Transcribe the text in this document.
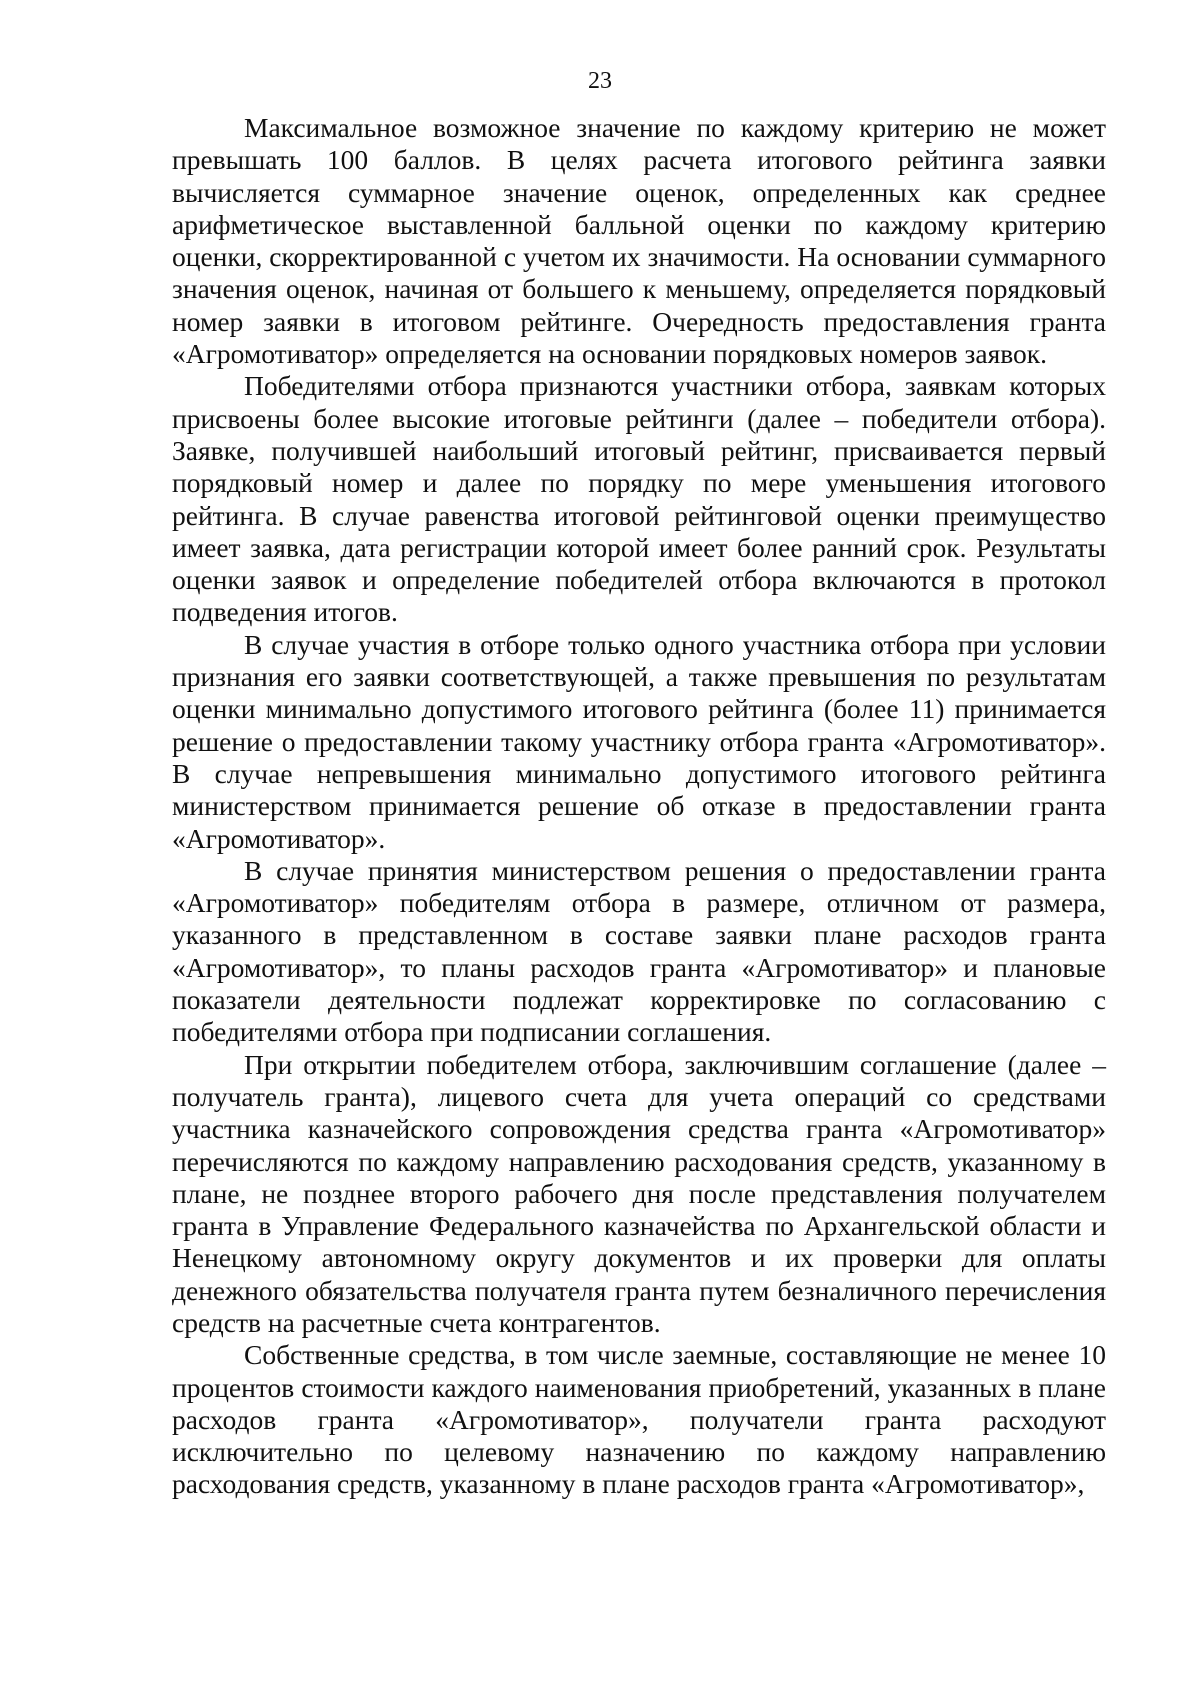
23

Максимальное возможное значение по каждому критерию не может превышать 100 баллов. В целях расчета итогового рейтинга заявки вычисляется суммарное значение оценок, определенных как среднее арифметическое выставленной балльной оценки по каждому критерию оценки, скорректированной с учетом их значимости. На основании суммарного значения оценок, начиная от большего к меньшему, определяется порядковый номер заявки в итоговом рейтинге. Очередность предоставления гранта «Агромотиватор» определяется на основании порядковых номеров заявок.

Победителями отбора признаются участники отбора, заявкам которых присвоены более высокие итоговые рейтинги (далее – победители отбора). Заявке, получившей наибольший итоговый рейтинг, присваивается первый порядковый номер и далее по порядку по мере уменьшения итогового рейтинга. В случае равенства итоговой рейтинговой оценки преимущество имеет заявка, дата регистрации которой имеет более ранний срок. Результаты оценки заявок и определение победителей отбора включаются в протокол подведения итогов.

В случае участия в отборе только одного участника отбора при условии признания его заявки соответствующей, а также превышения по результатам оценки минимально допустимого итогового рейтинга (более 11) принимается решение о предоставлении такому участнику отбора гранта «Агромотиватор». В случае непревышения минимально допустимого итогового рейтинга министерством принимается решение об отказе в предоставлении гранта «Агромотиватор».

В случае принятия министерством решения о предоставлении гранта «Агромотиватор» победителям отбора в размере, отличном от размера, указанного в представленном в составе заявки плане расходов гранта «Агромотиватор», то планы расходов гранта «Агромотиватор» и плановые показатели деятельности подлежат корректировке по согласованию с победителями отбора при подписании соглашения.

При открытии победителем отбора, заключившим соглашение (далее – получатель гранта), лицевого счета для учета операций со средствами участника казначейского сопровождения средства гранта «Агромотиватор» перечисляются по каждому направлению расходования средств, указанному в плане, не позднее второго рабочего дня после представления получателем гранта в Управление Федерального казначейства по Архангельской области и Ненецкому автономному округу документов и их проверки для оплаты денежного обязательства получателя гранта путем безналичного перечисления средств на расчетные счета контрагентов.

Собственные средства, в том числе заемные, составляющие не менее 10 процентов стоимости каждого наименования приобретений, указанных в плане расходов гранта «Агромотиватор», получатели гранта расходуют исключительно по целевому назначению по каждому направлению расходования средств, указанному в плане расходов гранта «Агромотиватор»,
